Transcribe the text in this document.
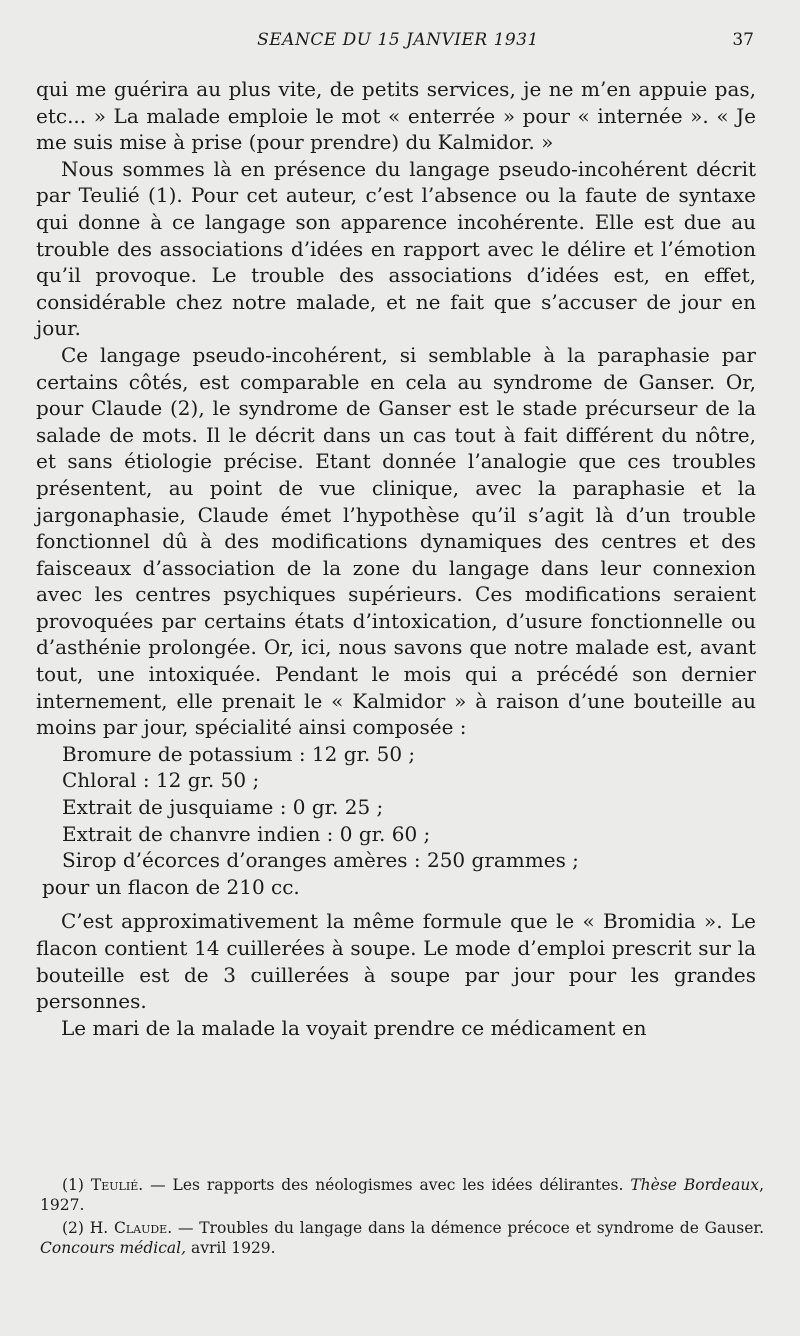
SEANCE DU 15 JANVIER 1931	37

qui me guérira au plus vite, de petits services, je ne m’en appuie pas, etc... » La malade emploie le mot « enterrée » pour « internée ». « Je me suis mise à prise (pour prendre) du Kalmidor. »

Nous sommes là en présence du langage pseudo-incohérent décrit par Teulié (1). Pour cet auteur, c’est l’absence ou la faute de syntaxe qui donne à ce langage son apparence incohérente. Elle est due au trouble des associations d’idées en rapport avec le délire et l’émotion qu’il provoque. Le trouble des associations d’idées est, en effet, considérable chez notre malade, et ne fait que s’accuser de jour en jour.

Ce langage pseudo-incohérent, si semblable à la paraphasie par certains côtés, est comparable en cela au syndrome de Ganser. Or, pour Claude (2), le syndrome de Ganser est le stade précurseur de la salade de mots. Il le décrit dans un cas tout à fait différent du nôtre, et sans étiologie précise. Etant donnée l’analogie que ces troubles présentent, au point de vue clinique, avec la paraphasie et la jargonaphasie, Claude émet l’hypothèse qu’il s’agit là d’un trouble fonctionnel dû à des modifications dynamiques des centres et des faisceaux d’association de la zone du langage dans leur connexion avec les centres psychiques supérieurs. Ces modifications seraient provoquées par certains états d’intoxication, d’usure fonctionnelle ou d’asthénie prolongée. Or, ici, nous savons que notre malade est, avant tout, une intoxiquée. Pendant le mois qui a précédé son dernier internement, elle prenait le « Kalmidor » à raison d’une bouteille au moins par jour, spécialité ainsi composée :

Bromure de potassium : 12 gr. 50 ;
Chloral : 12 gr. 50 ;
Extrait de jusquiame : 0 gr. 25 ;
Extrait de chanvre indien : 0 gr. 60 ;
Sirop d’écorces d’oranges amères : 250 grammes ;
pour un flacon de 210 cc.

C’est approximativement la même formule que le « Bromidia ». Le flacon contient 14 cuillerées à soupe. Le mode d’emploi prescrit sur la bouteille est de 3 cuillerées à soupe par jour pour les grandes personnes.

Le mari de la malade la voyait prendre ce médicament en

(1) Teulié. — Les rapports des néologismes avec les idées délirantes. Thèse Bordeaux, 1927.

(2) H. Claude. — Troubles du langage dans la démence précoce et syndrome de Gauser. Concours médical, avril 1929.
